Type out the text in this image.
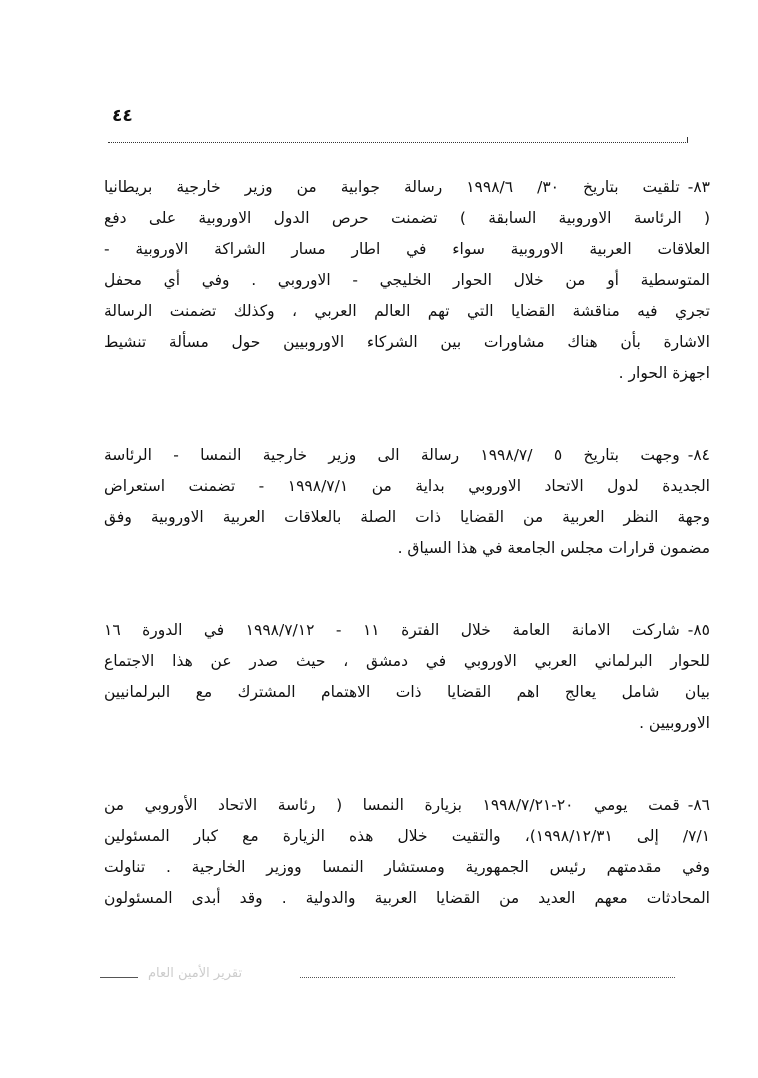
٤٤
٨٣-تلقيت بتاريخ ٣٠/ ١٩٩٨/٦ رسالة جوابية من وزير خارجية بريطانيا
( الرئاسة الاوروبية السابقة ) تضمنت حرص الدول الاوروبية على دفع
العلاقات العربية الاوروبية سواء في اطار مسار الشراكة الاوروبية -
المتوسطية أو من خلال الحوار الخليجي - الاوروبي . وفي أي محفل
تجري فيه مناقشة القضايا التي تهم العالم العربي ، وكذلك تضمنت الرسالة
الاشارة بأن هناك مشاورات بين الشركاء الاوروبيين حول مسألة تنشيط
اجهزة الحوار .
٨٤-وجهت بتاريخ ٥ /١٩٩٨/٧ رسالة الى وزير خارجية النمسا - الرئاسة
الجديدة لدول الاتحاد الاوروبي بداية من ١٩٩٨/٧/١ - تضمنت استعراض
وجهة النظر العربية من القضايا ذات الصلة بالعلاقات العربية الاوروبية وفق
مضمون قرارات مجلس الجامعة في هذا السياق .
٨٥-شاركت الامانة العامة خلال الفترة ١١ - ١٩٩٨/٧/١٢ في الدورة ١٦
للحوار البرلماني العربي الاوروبي في دمشق ، حيث صدر عن هذا الاجتماع
بيان شامل يعالج اهم القضايا ذات الاهتمام المشترك مع البرلمانيين
الاوروبيين .
٨٦-قمت يومي ٢٠-١٩٩٨/٧/٢١ بزيارة النمسا ( رئاسة الاتحاد الأوروبي من
٧/١/ إلى ١٩٩٨/١٢/٣١)، والتقيت خلال هذه الزيارة مع كبار المسئولين
وفي مقدمتهم رئيس الجمهورية ومستشار النمسا ووزير الخارجية . تناولت
المحادثات معهم العديد من القضايا العربية والدولية . وقد أبدى المسئولون
تقرير الأمين العام
